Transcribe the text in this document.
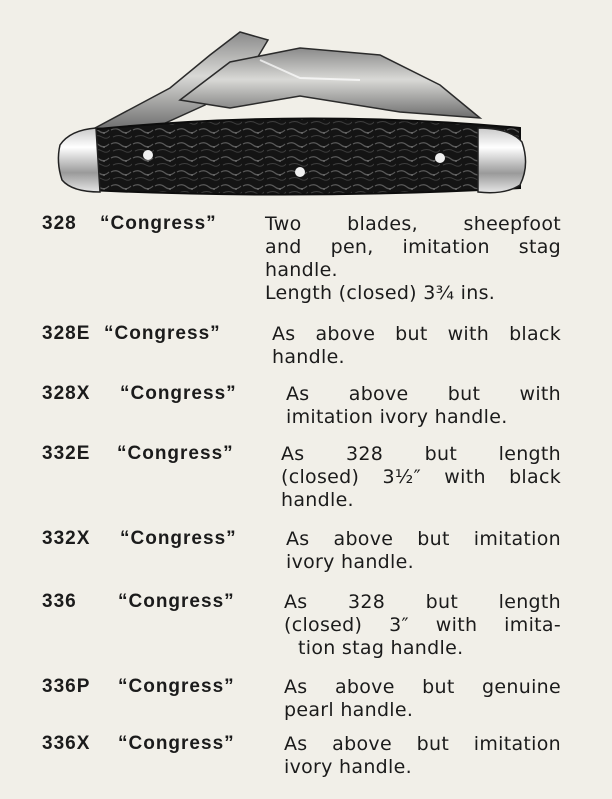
328 “Congress”	Two blades, sheepfoot
and pen, imitation stag
handle.
Length (closed) 3¾ ins.
328E “Congress”	As above but with black
handle.
328X “Congress”	As above but with
imitation ivory handle.
332E “Congress” As 328 but length
(closed) 3½″ with black
handle.
332X “Congress”	As above but imitation
ivory handle.
336 “Congress”	As 328 but length
(closed) 3″ with imita-
tion stag handle.
336P “Congress”	As above but genuine
pearl handle.
336X “Congress”	As above but imitation
ivory handle.
